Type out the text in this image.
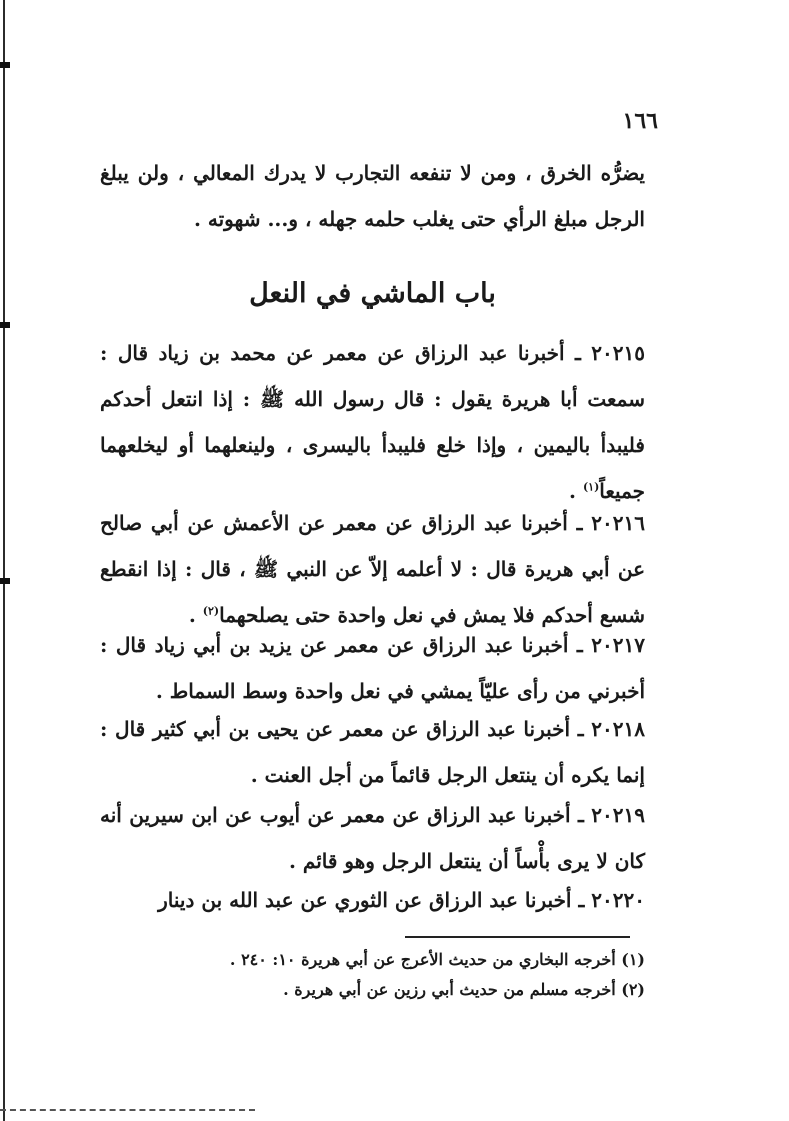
١٦٦
يضرُّه الخرق ، ومن لا تنفعه التجارب لا يدرك المعالي ، ولن يبلغ الرجل مبلغ الرأي حتى يغلب حلمه جهله ، و... شهوته .
باب الماشي في النعل
٢٠٢١٥ ـ أخبرنا عبد الرزاق عن معمر عن محمد بن زياد قال : سمعت أبا هريرة يقول : قال رسول الله ﷺ : إذا انتعل أحدكم فليبدأ باليمين ، وإذا خلع فليبدأ باليسرى ، ولينعلهما أو ليخلعهما جميعاً$^{(١)}$ .
٢٠٢١٦ ـ أخبرنا عبد الرزاق عن معمر عن الأعمش عن أبي صالح عن أبي هريرة قال : لا أعلمه إلاّ عن النبي ﷺ ، قال : إذا انقطع شسع أحدكم فلا يمش في نعل واحدة حتى يصلحهما$^{(٢)}$ .
٢٠٢١٧ ـ أخبرنا عبد الرزاق عن معمر عن يزيد بن أبي زياد قال : أخبرني من رأى عليّاً يمشي في نعل واحدة وسط السماط .
٢٠٢١٨ ـ أخبرنا عبد الرزاق عن معمر عن يحيى بن أبي كثير قال : إنما يكره أن ينتعل الرجل قائماً من أجل العنت .
٢٠٢١٩ ـ أخبرنا عبد الرزاق عن معمر عن أيوب عن ابن سيرين أنه كان لا يرى بأْساً أن ينتعل الرجل وهو قائم .
٢٠٢٢٠ ـ أخبرنا عبد الرزاق عن الثوري عن عبد الله بن دينار
(١) أخرجه البخاري من حديث الأعرج عن أبي هريرة ١٠: ٢٤٠ .
(٢) أخرجه مسلم من حديث أبي رزين عن أبي هريرة .
